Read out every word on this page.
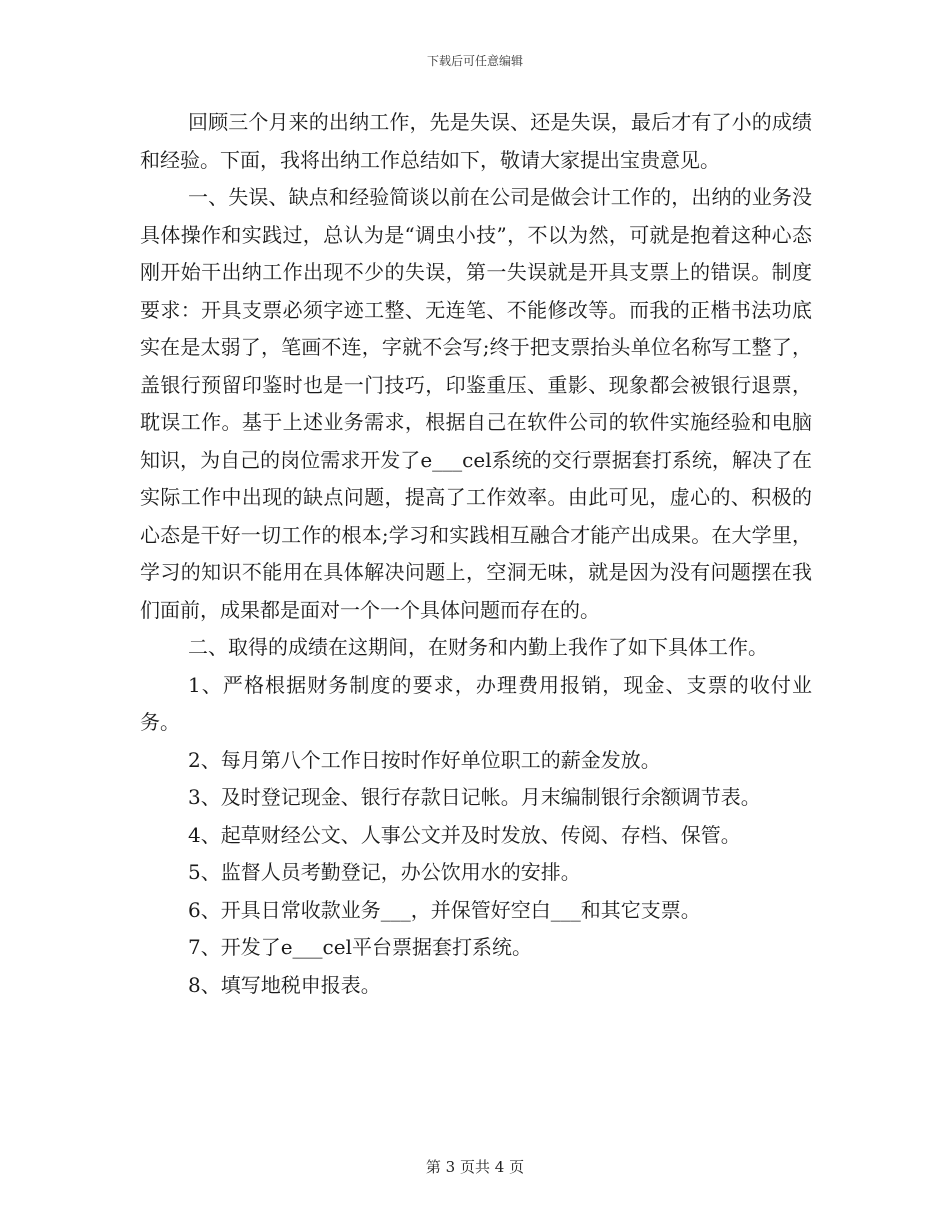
下载后可任意编辑

回顾三个月来的出纳工作，先是失误、还是失误，最后才有了小的成绩和经验。下面，我将出纳工作总结如下，敬请大家提出宝贵意见。

一、失误、缺点和经验简谈以前在公司是做会计工作的，出纳的业务没具体操作和实践过，总认为是“调虫小技”，不以为然，可就是抱着这种心态刚开始干出纳工作出现不少的失误，第一失误就是开具支票上的错误。制度要求：开具支票必须字迹工整、无连笔、不能修改等。而我的正楷书法功底实在是太弱了，笔画不连，字就不会写;终于把支票抬头单位名称写工整了，盖银行预留印鉴时也是一门技巧，印鉴重压、重影、现象都会被银行退票，耽误工作。基于上述业务需求，根据自己在软件公司的软件实施经验和电脑知识，为自己的岗位需求开发了e___cel系统的交行票据套打系统，解决了在实际工作中出现的缺点问题，提高了工作效率。由此可见，虚心的、积极的心态是干好一切工作的根本;学习和实践相互融合才能产出成果。在大学里，学习的知识不能用在具体解决问题上，空洞无味，就是因为没有问题摆在我们面前，成果都是面对一个一个具体问题而存在的。

二、取得的成绩在这期间，在财务和内勤上我作了如下具体工作。

1、严格根据财务制度的要求，办理费用报销，现金、支票的收付业务。

2、每月第八个工作日按时作好单位职工的薪金发放。

3、及时登记现金、银行存款日记帐。月末编制银行余额调节表。

4、起草财经公文、人事公文并及时发放、传阅、存档、保管。

5、监督人员考勤登记，办公饮用水的安排。

6、开具日常收款业务___，并保管好空白___和其它支票。

7、开发了e___cel平台票据套打系统。

8、填写地税申报表。

第 3 页共 4 页
